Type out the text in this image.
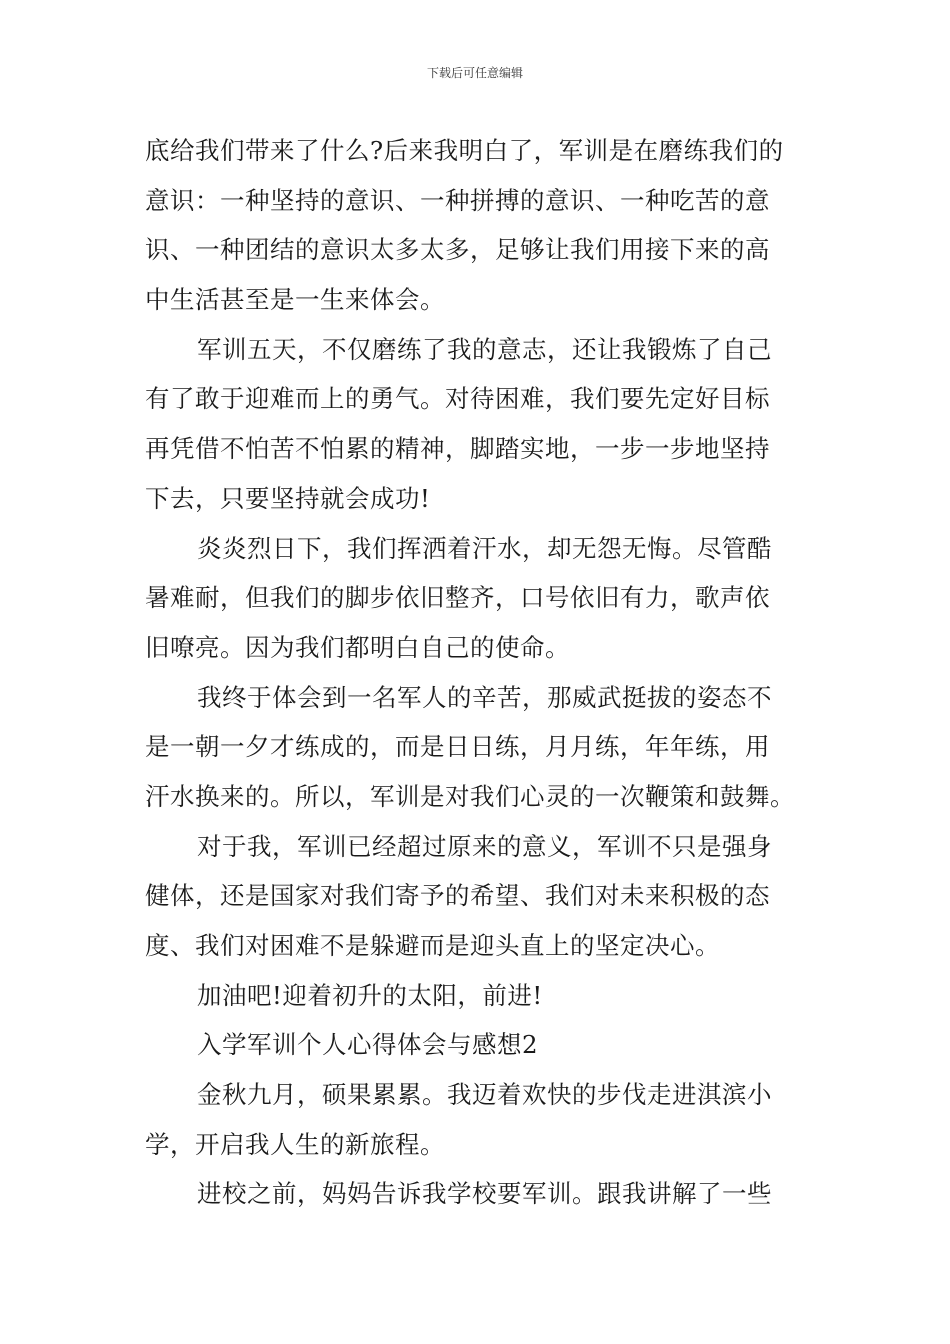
下载后可任意编辑
底给我们带来了什么?后来我明白了，军训是在磨练我们的
意识：一种坚持的意识、一种拼搏的意识、一种吃苦的意
识、一种团结的意识太多太多，足够让我们用接下来的高
中生活甚至是一生来体会。
军训五天，不仅磨练了我的意志，还让我锻炼了自己
有了敢于迎难而上的勇气。对待困难，我们要先定好目标
再凭借不怕苦不怕累的精神，脚踏实地，一步一步地坚持
下去，只要坚持就会成功!
炎炎烈日下，我们挥洒着汗水，却无怨无悔。尽管酷
暑难耐，但我们的脚步依旧整齐，口号依旧有力，歌声依
旧嘹亮。因为我们都明白自己的使命。
我终于体会到一名军人的辛苦，那威武挺拔的姿态不
是一朝一夕才练成的，而是日日练，月月练，年年练，用
汗水换来的。所以，军训是对我们心灵的一次鞭策和鼓舞。
对于我，军训已经超过原来的意义，军训不只是强身
健体，还是国家对我们寄予的希望、我们对未来积极的态
度、我们对困难不是躲避而是迎头直上的坚定决心。
加油吧!迎着初升的太阳，前进!
入学军训个人心得体会与感想2
金秋九月，硕果累累。我迈着欢快的步伐走进淇滨小
学，开启我人生的新旅程。
进校之前，妈妈告诉我学校要军训。跟我讲解了一些
